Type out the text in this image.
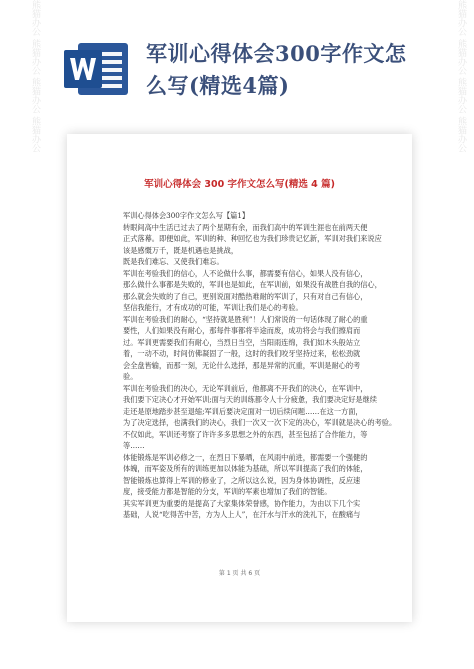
军训心得体会300字作文怎
么写(精选4篇)
熊猫办公 熊猫办公 熊猫办公 熊猫办公	熊猫办公 熊猫办公 熊猫办公 熊猫办公
军训心得体会 300 字作文怎么写(精选 4 篇)
军训心得体会300字作文怎么写【篇1】
转眼间高中生活已过去了两个星期有余，而我们高中的军训生涯也在前两天便
正式落幕。即便如此，军训的种、种回忆也为我们珍贵记忆新，军训对我们来说应
该是感慨万千，既是机遇也是挑战，
既是我们难忘、又使我们难忘。
军训在考验我们的信心，人不论做什么事，都需要有信心，如果人没有信心，
那么做什么事都是失败的，军训也是如此，在军训前，如果没有战胜自我的信心，
那么就会失败的了自己，更别说面对酷热难耐的军训了，只有对自己有信心，
坚信我能行，才有成功的可能，军训让我们是心的考验。
军训在考验我们的耐心，“坚持就是胜利”！人们常说的一句话体现了耐心的重
要性，人们如果没有耐心，那每件事都将半途而废，成功将会与我们擦肩而
过。军训更需要我们有耐心，当烈日当空，当阳雨连绵，我们如木头般站立
着，一动不动，时间仿佛凝固了一般，这时的我们咬牙坚持过来，松松劲就
会全盘皆输，而那一刻，无论什么选择，那是异常的沉重，军训是耐心的考
验。
军训在考验我们的决心，无论军训前后，他都离不开我们的决心，在军训中，
我们要下定决心才开始军训;面与天的训练都令人十分疲惫，我们要决定好是继续
走还是原地踏步甚至退缩;军训后要决定面对一切后续问题……在这一方面，
为了决定选择，也满我们的决心，我们一次又一次下定的决心，军训就是决心的考验。
不仅如此，军训还考察了许许多多思想之外的东西，甚至包括了合作能力，等
等……
体能锻炼是军训必修之一，在烈日下暴晒，在风雨中前进，都需要一个强健的
体魄，而军姿及所有的训练更加以体能为基础，所以军训提高了我们的体能，
智能锻炼也算得上军训的修业了，之所以这么说，因为身体协调性，反应速
度，接受能力都是智能的分支，军训的军素也增加了我们的智能。
其实军训更为重要的是提高了大家集体荣誉感，协作能力，为由以下几个实
基础，人说“吃得苦中苦，方为人上人”，在汗水与汗水的洗礼下，在酸痛与
第 1 页 共 6 页
